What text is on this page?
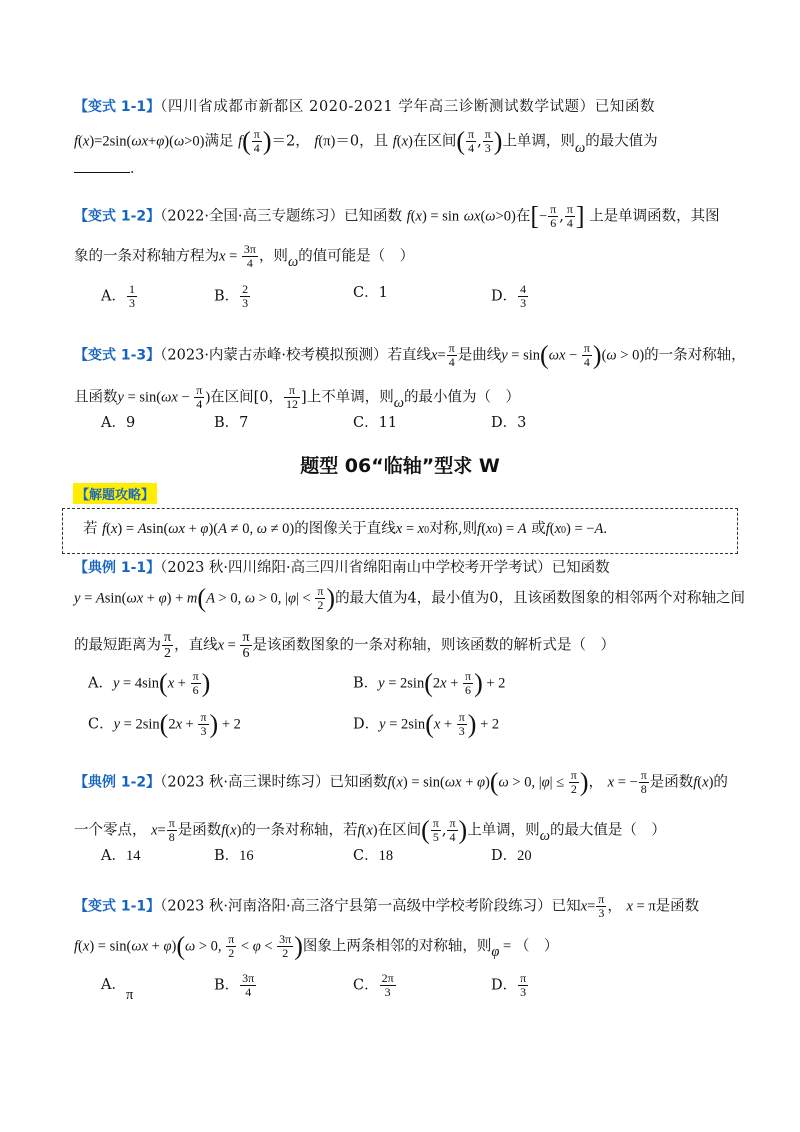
【变式 1-1】（四川省成都市新都区 2020-2021 学年高三诊断测试数学试题）已知函数
f(x)=2sin(ωx+φ)(ω>0)满足 $f( \frac{\pi}{4} )=2$， f(π)＝0，且 f(x)在区间( $\frac{\pi}{4}$ , $\frac{\pi}{3}$ )上单调，则ω的最大值为
．
【变式 1-2】（2022·全国·高三专题练习）已知函数 f(x) = sin ωx(ω>0)在[− $\frac{\pi}{6}$ , $\frac{\pi}{4}$ ] 上是单调函数，其图
象的一条对称轴方程为$x = \frac{3\pi}{4}$ ，则ω的值可能是（　）
A． $\frac{1}{3}$	B． $\frac{2}{3}$	C．1	D． $\frac{4}{3}$
【变式 1-3】（2023·内蒙古赤峰·校考模拟预测）若直线$x= \frac{\pi}{4}$ 是曲线$y = \sin(\omega x - \frac{\pi}{4} )(\omega > 0)$的一条对称轴，
且函数$y = \sin(\omega x - \frac{\pi}{4}$ )在区间[0， $\frac{\pi}{12}$ ]上不单调，则ω的最小值为（　）
A．9	B．7	C．11	D．3
题型 06“临轴”型求 W
【解题攻略】
若 f(x) = Asin(ωx + φ)(A ≠ 0, ω ≠ 0)的图像关于直线x = x0对称,则f(x0) = A 或f(x0) = −A.
【典例 1-1】（2023 秋·四川绵阳·高三四川省绵阳南山中学校考开学考试）已知函数
y = Asin(ωx + φ) + m(A > 0, ω > 0, $|\varphi| < \frac{\pi}{2}$ )的最大值为4，最小值为0，且该函数图象的相邻两个对称轴之间
的最短距离为 $\frac{\pi}{2}$ ，直线$x = \frac{\pi}{6}$ 是该函数图象的一条对称轴，则该函数的解析式是（　）
A．$y = 4\sin(x + \frac{\pi}{6}$ )	B．$y = 2\sin(2x + \frac{\pi}{6}$ ) + 2
C．$y = 2\sin(2x + \frac{\pi}{3}$ ) + 2	D．$y = 2\sin(x + \frac{\pi}{3}$ ) + 2
【典例 1-2】（2023 秋·高三课时练习）已知函数f(x) = sin(ωx + φ)(ω > 0, $|\varphi| \le \frac{\pi}{2}$ )， x = − $\frac{\pi}{8}$ 是函数f(x)的
一个零点， $x= \frac{\pi}{8}$ 是函数f(x)的一条对称轴，若f(x)在区间( $\frac{\pi}{5}$ , $\frac{\pi}{4}$ )上单调，则ω的最大值是（　）
A．14	B．16	C．18	D．20
【变式 1-1】（2023 秋·河南洛阳·高三洛宁县第一高级中学校考阶段练习）已知$x= \frac{\pi}{3}$ ， x = π是函数
f(x) = sin(ωx + φ)(ω > 0, $\frac{\pi}{2} < \varphi < \frac{3\pi}{2}$ )图象上两条相邻的对称轴，则φ = （　）
A．π
B． $\frac{3\pi}{4}$	C． $\frac{2\pi}{3}$	D． $\frac{\pi}{3}$
